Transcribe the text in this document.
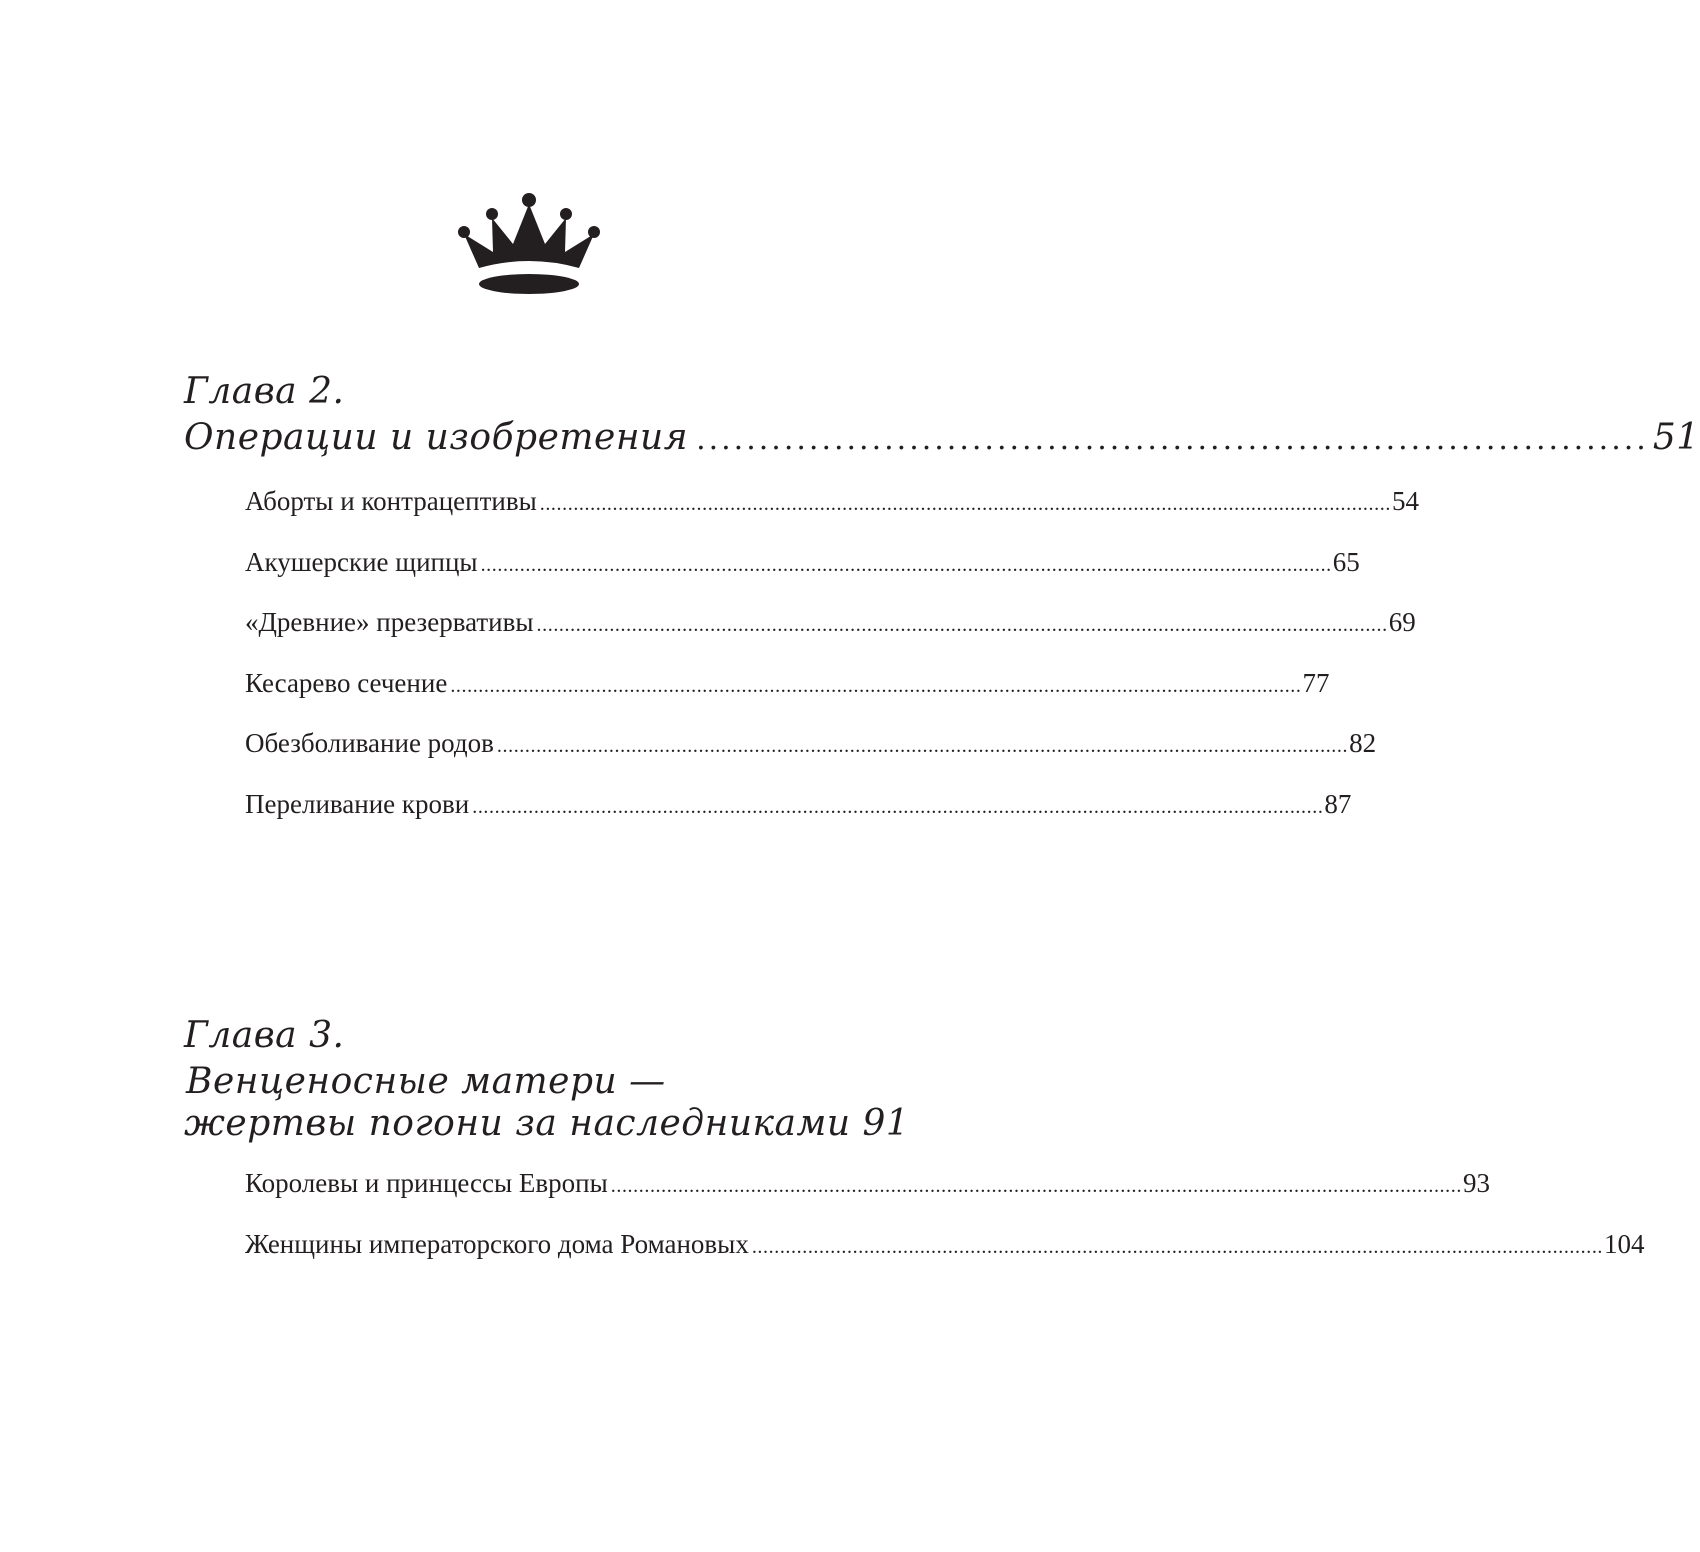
Глава 2.
Операции и изобретения ............................................................................ 51
Аборты и контрацептивы ........................................................................................................................................................ 54
Акушерские щипцы ........................................................................................................................................................ 65
«Древние» презервативы ........................................................................................................................................................ 69
Кесарево сечение ........................................................................................................................................................ 77
Обезболивание родов ........................................................................................................................................................ 82
Переливание крови ........................................................................................................................................................ 87
Глава 3.
Венценосные матери —
жертвы погони за наследниками 91
Королевы и принцессы Европы ........................................................................................................................................................ 93
Женщины императорского дома Романовых ........................................................................................................................................................ 104
